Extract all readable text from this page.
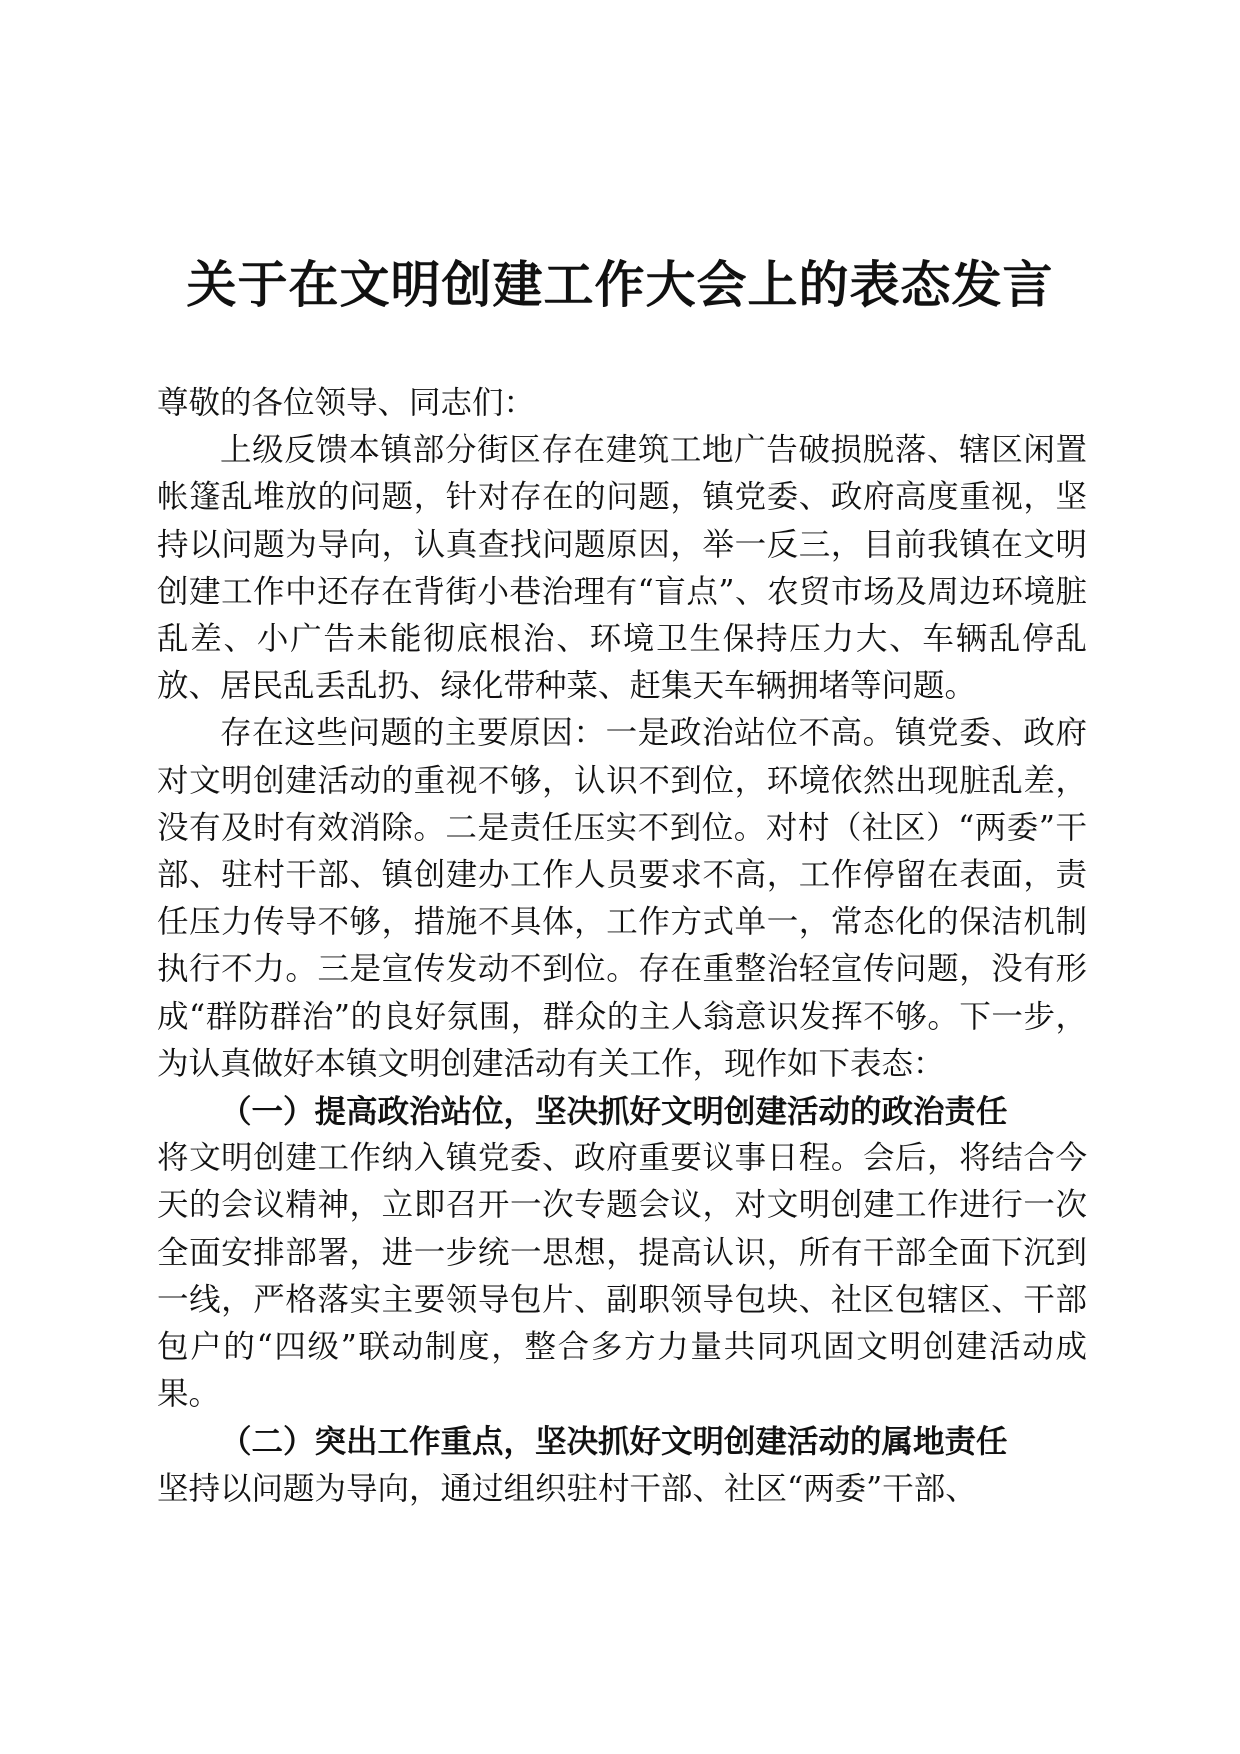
关于在文明创建工作大会上的表态发言

尊敬的各位领导、同志们：

上级反馈本镇部分街区存在建筑工地广告破损脱落、辖区闲置帐篷乱堆放的问题，针对存在的问题，镇党委、政府高度重视，坚持以问题为导向，认真查找问题原因，举一反三，目前我镇在文明创建工作中还存在背街小巷治理有“盲点”、农贸市场及周边环境脏乱差、小广告未能彻底根治、环境卫生保持压力大、车辆乱停乱放、居民乱丢乱扔、绿化带种菜、赶集天车辆拥堵等问题。

存在这些问题的主要原因：一是政治站位不高。镇党委、政府对文明创建活动的重视不够，认识不到位，环境依然出现脏乱差，没有及时有效消除。二是责任压实不到位。对村（社区）“两委”干部、驻村干部、镇创建办工作人员要求不高，工作停留在表面，责任压力传导不够，措施不具体，工作方式单一，常态化的保洁机制执行不力。三是宣传发动不到位。存在重整治轻宣传问题，没有形成“群防群治”的良好氛围，群众的主人翁意识发挥不够。下一步，为认真做好本镇文明创建活动有关工作，现作如下表态：

（一）提高政治站位，坚决抓好文明创建活动的政治责任

将文明创建工作纳入镇党委、政府重要议事日程。会后，将结合今天的会议精神，立即召开一次专题会议，对文明创建工作进行一次全面安排部署，进一步统一思想，提高认识，所有干部全面下沉到一线，严格落实主要领导包片、副职领导包块、社区包辖区、干部包户的“四级”联动制度，整合多方力量共同巩固文明创建活动成果。

（二）突出工作重点，坚决抓好文明创建活动的属地责任

坚持以问题为导向，通过组织驻村干部、社区“两委”干部、
